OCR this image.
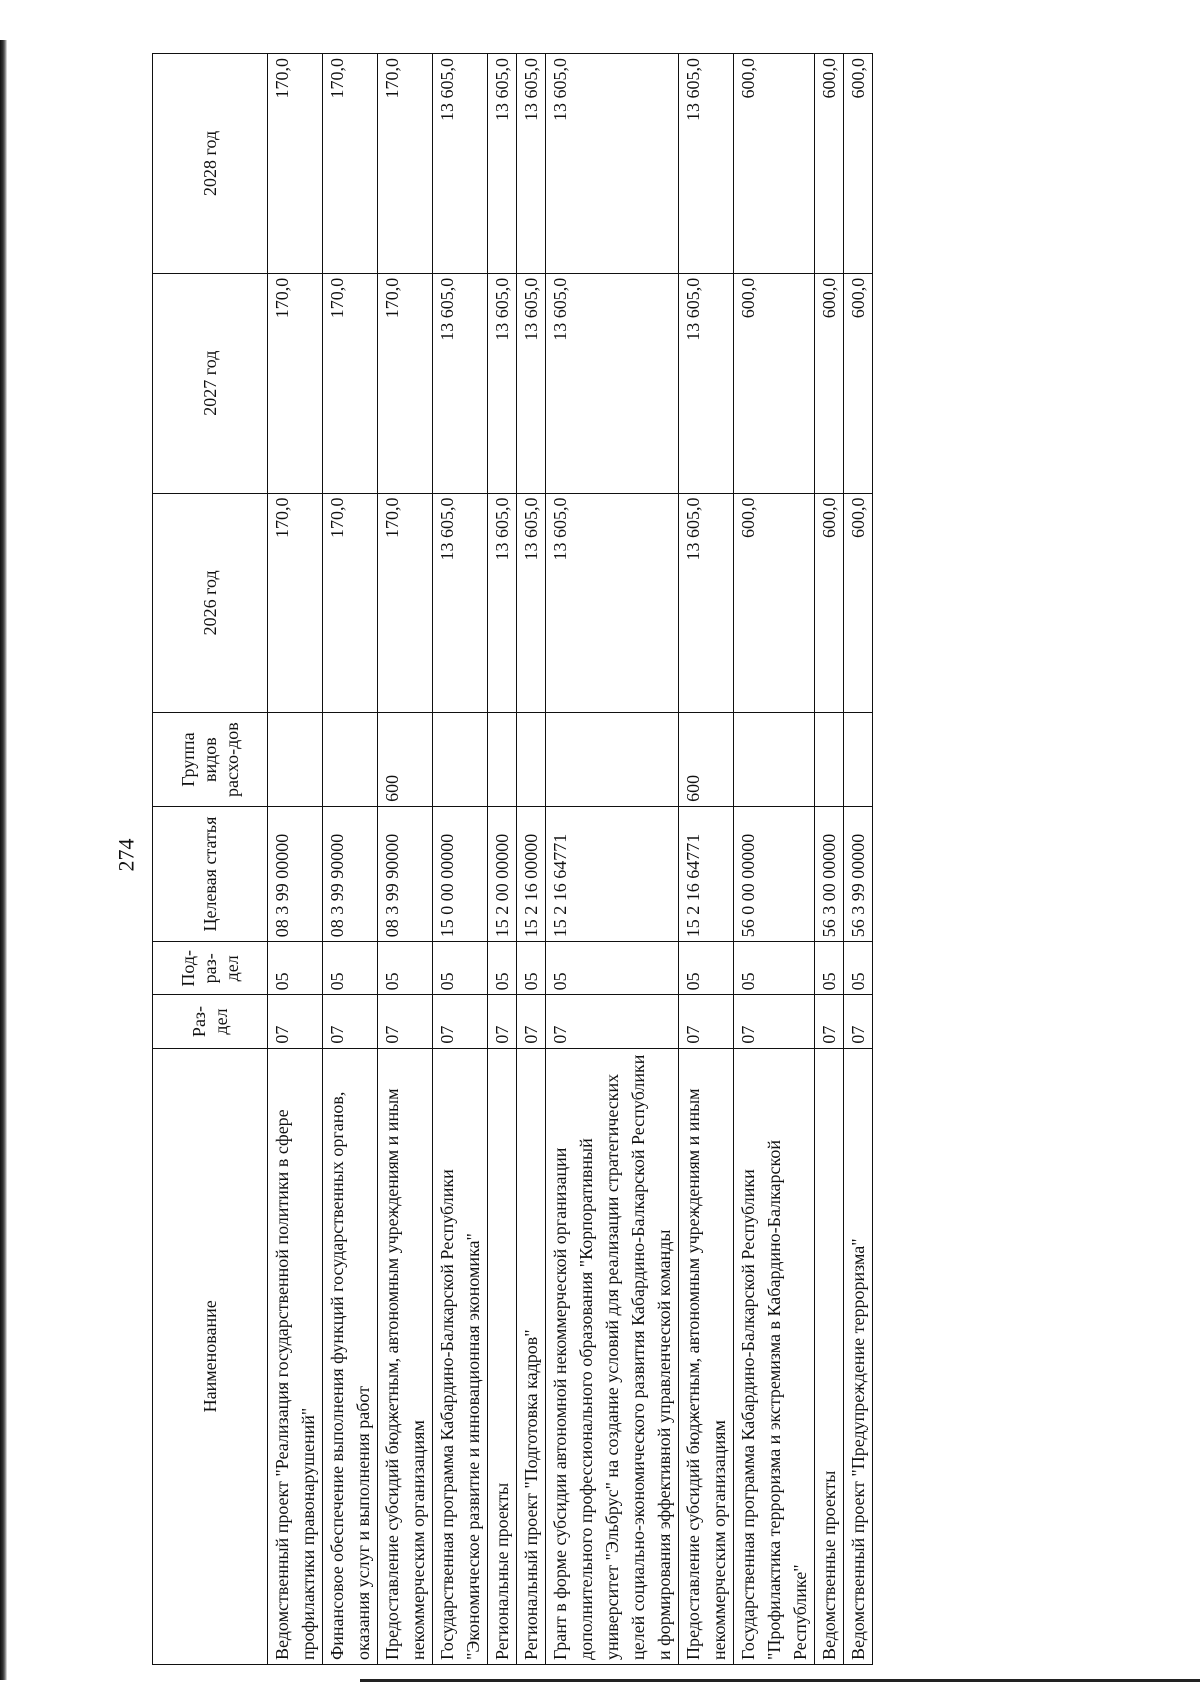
274
Наименование	Раз-дел	Под-раз-дел	Целевая статья	Группа видов расхо-дов	2026 год	2027 год	2028 год
Ведомственный проект "Реализация государственной политики в сфере профилактики правонарушений"	07	05	08 3 99 00000		170,0	170,0	170,0
Финансовое обеспечение выполнения функций государственных органов, оказания услуг и выполнения работ	07	05	08 3 99 90000		170,0	170,0	170,0
Предоставление субсидий бюджетным, автономным учреждениям и иным некоммерческим организациям	07	05	08 3 99 90000	600	170,0	170,0	170,0
Государственная программа Кабардино-Балкарской Республики "Экономическое развитие и инновационная экономика"	07	05	15 0 00 00000		13 605,0	13 605,0	13 605,0
Региональные проекты	07	05	15 2 00 00000		13 605,0	13 605,0	13 605,0
Региональный проект "Подготовка кадров"	07	05	15 2 16 00000		13 605,0	13 605,0	13 605,0
Грант в форме субсидии автономной некоммерческой организации дополнительного профессионального образования "Корпоративный университет "Эльбрус" на создание условий для реализации стратегических целей социально-экономического развития Кабардино-Балкарской Республики и формирования эффективной управленческой команды	07	05	15 2 16 64771		13 605,0	13 605,0	13 605,0
Предоставление субсидий бюджетным, автономным учреждениям и иным некоммерческим организациям	07	05	15 2 16 64771	600	13 605,0	13 605,0	13 605,0
Государственная программа Кабардино-Балкарской Республики "Профилактика терроризма и экстремизма в Кабардино-Балкарской Республике"	07	05	56 0 00 00000		600,0	600,0	600,0
Ведомственные проекты	07	05	56 3 00 00000		600,0	600,0	600,0
Ведомственный проект "Предупреждение терроризма"	07	05	56 3 99 00000		600,0	600,0	600,0
